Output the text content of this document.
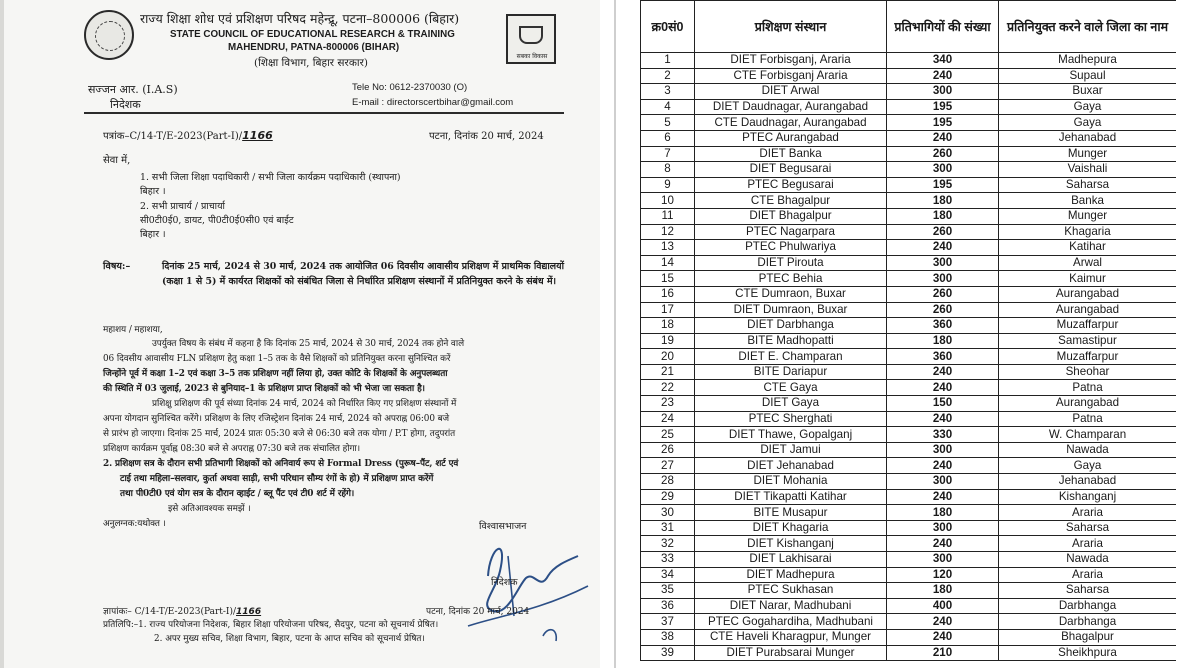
राज्य शिक्षा शोध एवं प्रशिक्षण परिषद महेन्द्रू, पटना–800006 (बिहार)
STATE COUNCIL OF EDUCATIONAL RESEARCH & TRAINING
MAHENDRU, PATNA-800006 (BIHAR)
(शिक्षा विभाग, बिहार सरकार)
सबका विकास
सज्जन आर. (I.A.S)
निदेशक
Tele No: 0612-2370030 (O)
E-mail : directorscertbihar@gmail.com
पत्रांक–C/14-T/E-2023(Part-I)/1166	पटना, दिनांक 20 मार्च, 2024
सेवा में,
1. सभी जिला शिक्षा पदाधिकारी / सभी जिला कार्यक्रम पदाधिकारी (स्थापना)
बिहार ।
2. सभी प्राचार्य / प्राचार्या
सी0टी0ई0, डायट, पी0टी0ई0सी0 एवं बाईट
बिहार ।
विषय:–	दिनांक 25 मार्च, 2024 से 30 मार्च, 2024 तक आयोजित 06 दिवसीय आवासीय प्रशिक्षण में प्राथमिक विद्यालयों (कक्षा 1 से 5) में कार्यरत शिक्षकों को संबंधित जिला से निर्धारित प्रशिक्षण संस्थानों में प्रतिनियुक्त करने के संबंध में।
महाशय / महाशया,
उपर्युक्त विषय के संबंध में कहना है कि दिनांक 25 मार्च, 2024 से 30 मार्च, 2024 तक होने वाले
06 दिवसीय आवासीय FLN प्रशिक्षण हेतु कक्षा 1–5 तक के वैसे शिक्षकों को प्रतिनियुक्त करना सुनिश्चित करें
जिन्होंने पूर्व में कक्षा 1–2 एवं कक्षा 3–5 तक प्रशिक्षण नहीं लिया हो, उक्त कोटि के शिक्षकों के अनुपलब्धता
की स्थिति में 03 जुलाई, 2023 से बुनियाद–1 के प्रशिक्षण प्राप्त शिक्षकों को भी भेजा जा सकता है।
प्रशिक्षु प्रशिक्षण की पूर्व संध्या दिनांक 24 मार्च, 2024 को निर्धारित किए गए प्रशिक्षण संस्थानों में
अपना योगदान सुनिश्चित करेंगे। प्रशिक्षण के लिए रजिस्ट्रेशन दिनांक 24 मार्च, 2024 को अपराह्न 06:00 बजे
से प्रारंभ हो जाएगा। दिनांक 25 मार्च, 2024 प्रातः 05:30 बजे से 06:30 बजे तक योगा / P.T होगा, तदुपरांत
प्रशिक्षण कार्यक्रम पूर्वाह्न 08:30 बजे से अपराह्न 07:30 बजे तक संचालित होगा।
2. प्रशिक्षण सत्र के दौरान सभी प्रतिभागी शिक्षकों को अनिवार्य रूप से Formal Dress (पुरूष–पैंट, शर्ट एवं
टाई तथा महिला–सलवार, कुर्ता अथवा साड़ी, सभी परिधान सौम्य रंगों के हो) में प्रशिक्षण प्राप्त करेंगें
तथा पी0टी0 एवं योग सत्र के दौरान व्हाईट / ब्लू पैंट एवं टी0 शर्ट में रहेंगे।
इसे अतिआवश्यक समझें ।
अनुलग्नक:यथोक्त ।	विश्वासभाजन
निदेशक
ज्ञापांकः– C/14-T/E-2023(Part-I)/1166	पटना, दिनांक 20 मार्च, 2024
प्रतिलिपि:–1. राज्य परियोजना निदेशक, बिहार शिक्षा परियोजना परिषद, सैदपुर, पटना को सूचनार्थ प्रेषित।
2. अपर मुख्य सचिव, शिक्षा विभाग, बिहार, पटना के आप्त सचिव को सूचनार्थ प्रेषित।
क्र0सं0	प्रशिक्षण संस्थान	प्रतिभागियों की संख्या	प्रतिनियुक्त करने वाले जिला का नाम
1	DIET Forbisganj, Araria	340	Madhepura
2	CTE Forbisganj Araria	240	Supaul
3	DIET Arwal	300	Buxar
4	DIET Daudnagar, Aurangabad	195	Gaya
5	CTE Daudnagar, Aurangabad	195	Gaya
6	PTEC Aurangabad	240	Jehanabad
7	DIET Banka	260	Munger
8	DIET Begusarai	300	Vaishali
9	PTEC Begusarai	195	Saharsa
10	CTE Bhagalpur	180	Banka
11	DIET Bhagalpur	180	Munger
12	PTEC Nagarpara	260	Khagaria
13	PTEC Phulwariya	240	Katihar
14	DIET Pirouta	300	Arwal
15	PTEC Behia	300	Kaimur
16	CTE Dumraon, Buxar	260	Aurangabad
17	DIET Dumraon, Buxar	260	Aurangabad
18	DIET Darbhanga	360	Muzaffarpur
19	BITE Madhopatti	180	Samastipur
20	DIET E. Champaran	360	Muzaffarpur
21	BITE Dariapur	240	Sheohar
22	CTE Gaya	240	Patna
23	DIET Gaya	150	Aurangabad
24	PTEC Sherghati	240	Patna
25	DIET Thawe, Gopalganj	330	W. Champaran
26	DIET Jamui	300	Nawada
27	DIET Jehanabad	240	Gaya
28	DIET Mohania	300	Jehanabad
29	DIET Tikapatti Katihar	240	Kishanganj
30	BITE Musapur	180	Araria
31	DIET Khagaria	300	Saharsa
32	DIET Kishanganj	240	Araria
33	DIET Lakhisarai	300	Nawada
34	DIET Madhepura	120	Araria
35	PTEC Sukhasan	180	Saharsa
36	DIET Narar, Madhubani	400	Darbhanga
37	PTEC Gogahardiha, Madhubani	240	Darbhanga
38	CTE Haveli Kharagpur, Munger	240	Bhagalpur
39	DIET Purabsarai Munger	210	Sheikhpura
